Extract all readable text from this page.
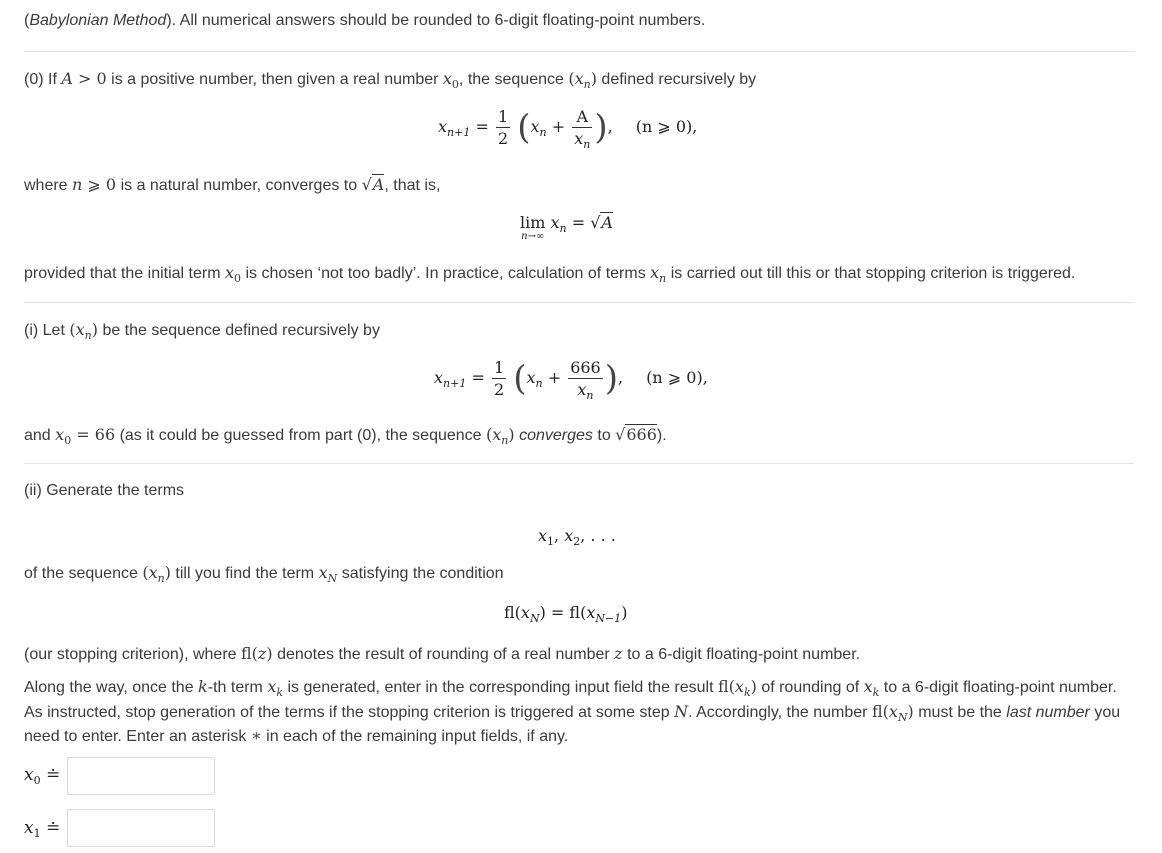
(Babylonian Method). All numerical answers should be rounded to 6-digit floating-point numbers.
(0) If A > 0 is a positive number, then given a real number $x_0$, the sequence $(x_n)$ defined recursively by
$x_{n+1} = \frac{1}{2} (x_n + \frac{A}{x_n}$ ), (n ⩾ 0),
where n ⩾ 0 is a natural number, converges to √A, that is,
lim
n→∞
$x_n = √A$
provided that the initial term $x_0$ is chosen ‘not too badly’. In practice, calculation of terms $x_n$ is carried out till this or that stopping criterion is triggered.
(i) Let $(x_n)$ be the sequence defined recursively by
$x_{n+1} = \frac{1}{2} (x_n + \frac{666}{x_n}$ ), (n ⩾ 0),
and $x_0 = 66$ (as it could be guessed from part (0), the sequence $(x_n)$ converges to √666).
(ii) Generate the terms
$x_1$, $x_2$, . . .
of the sequence $(x_n)$ till you find the term $x_N$ satisfying the condition
$fl(x_N) = fl(x_{N-1})$
(our stopping criterion), where fl(z) denotes the result of rounding of a real number z to a 6-digit floating-point number.
Along the way, once the k-th term $x_k$ is generated, enter in the corresponding input field the result $fl(x_k)$ of rounding of $x_k$ to a 6-digit floating-point number.
As instructed, stop generation of the terms if the stopping criterion is triggered at some step N. Accordingly, the number $fl(x_N)$ must be the last number you
need to enter. Enter an asterisk ∗ in each of the remaining input fields, if any.
$x_0$ ≐
$x_1$ ≐
